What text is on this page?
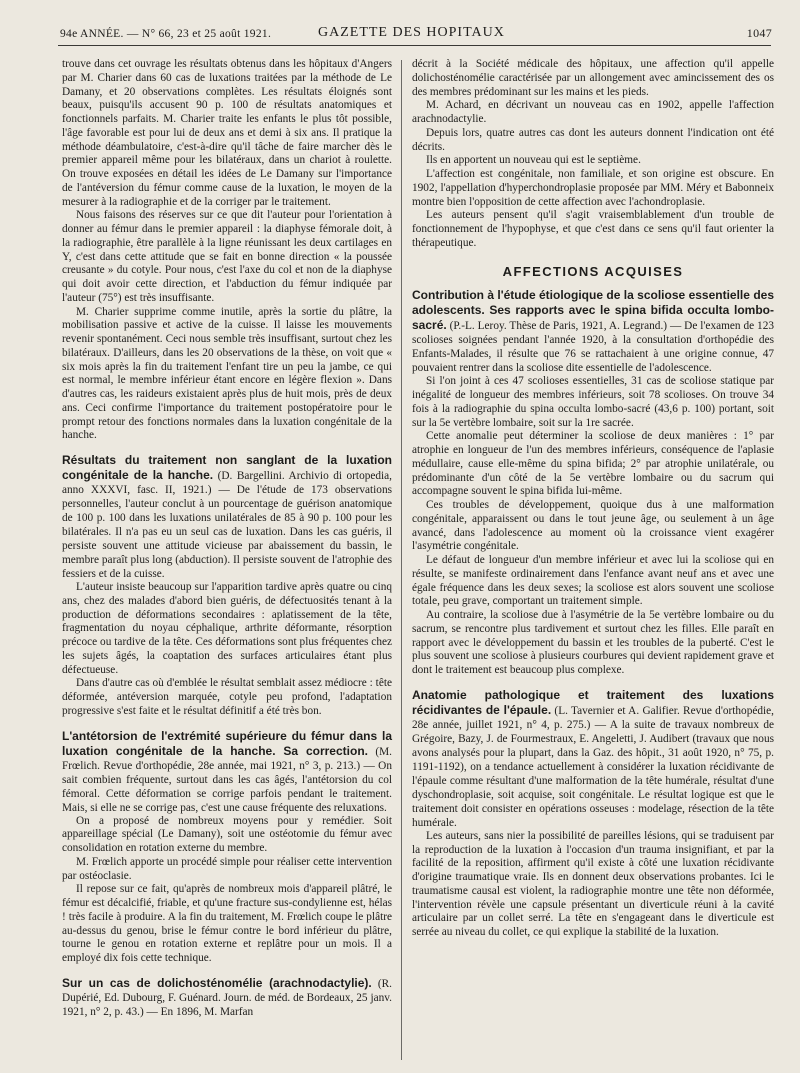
94e ANNÉE. — N° 66, 23 et 25 août 1921.	GAZETTE DES HOPITAUX	1047

trouve dans cet ouvrage les résultats obtenus dans les hôpitaux d'Angers par M. Charier dans 60 cas de luxations traitées par la méthode de Le Damany, et 20 observations complètes. Les résultats éloignés sont beaux, puisqu'ils accusent 90 p. 100 de résultats anatomiques et fonctionnels parfaits. M. Charier traite les enfants le plus tôt possible, l'âge favorable est pour lui de deux ans et demi à six ans. Il pratique la méthode déambulatoire, c'est-à-dire qu'il tâche de faire marcher dès le premier appareil même pour les bilatéraux, dans un chariot à roulette. On trouve exposées en détail les idées de Le Damany sur l'importance de l'antéversion du fémur comme cause de la luxation, le moyen de la mesurer à la radiographie et de la corriger par le traitement.

Nous faisons des réserves sur ce que dit l'auteur pour l'orientation à donner au fémur dans le premier appareil : la diaphyse fémorale doit, à la radiographie, être parallèle à la ligne réunissant les deux cartilages en Y, c'est dans cette attitude que se fait en bonne direction « la poussée creusante » du cotyle. Pour nous, c'est l'axe du col et non de la diaphyse qui doit avoir cette direction, et l'abduction du fémur indiquée par l'auteur (75°) est très insuffisante.

M. Charier supprime comme inutile, après la sortie du plâtre, la mobilisation passive et active de la cuisse. Il laisse les mouvements revenir spontanément. Ceci nous semble très insuffisant, surtout chez les bilatéraux. D'ailleurs, dans les 20 observations de la thèse, on voit que « six mois après la fin du traitement l'enfant tire un peu la jambe, ce qui est normal, le membre inférieur étant encore en légère flexion ». Dans d'autres cas, les raideurs existaient après plus de huit mois, près de deux ans. Ceci confirme l'importance du traitement postopératoire pour le prompt retour des fonctions normales dans la luxation congénitale de la hanche.

Résultats du traitement non sanglant de la luxation congénitale de la hanche. (D. Bargellini. Archivio di ortopedia, anno XXXVI, fasc. II, 1921.) — De l'étude de 173 observations personnelles, l'auteur conclut à un pourcentage de guérison anatomique de 100 p. 100 dans les luxations unilatérales de 85 à 90 p. 100 pour les bilatérales. Il n'a pas eu un seul cas de luxation. Dans les cas guéris, il persiste souvent une attitude vicieuse par abaissement du bassin, le membre paraît plus long (abduction). Il persiste souvent de l'atrophie des fessiers et de la cuisse.

L'auteur insiste beaucoup sur l'apparition tardive après quatre ou cinq ans, chez des malades d'abord bien guéris, de défectuosités tenant à la production de déformations secondaires : aplatissement de la tête, fragmentation du noyau céphalique, arthrite déformante, résorption précoce ou tardive de la tête. Ces déformations sont plus fréquentes chez les sujets âgés, la coaptation des surfaces articulaires étant plus défectueuse.

Dans d'autre cas où d'emblée le résultat semblait assez médiocre : tête déformée, antéversion marquée, cotyle peu profond, l'adaptation progressive s'est faite et le résultat définitif a été très bon.

L'antétorsion de l'extrémité supérieure du fémur dans la luxation congénitale de la hanche. Sa correction. (M. Frœlich. Revue d'orthopédie, 28e année, mai 1921, n° 3, p. 213.) — On sait combien fréquente, surtout dans les cas âgés, l'antétorsion du col fémoral. Cette déformation se corrige parfois pendant le traitement. Mais, si elle ne se corrige pas, c'est une cause fréquente des reluxations.

On a proposé de nombreux moyens pour y remédier. Soit appareillage spécial (Le Damany), soit une ostéotomie du fémur avec consolidation en rotation externe du membre.

M. Frœlich apporte un procédé simple pour réaliser cette intervention par ostéoclasie.

Il repose sur ce fait, qu'après de nombreux mois d'appareil plâtré, le fémur est décalcifié, friable, et qu'une fracture sus-condylienne est, hélas ! très facile à produire. A la fin du traitement, M. Frœlich coupe le plâtre au-dessus du genou, brise le fémur contre le bord inférieur du plâtre, tourne le genou en rotation externe et replâtre pour un mois. Il a employé dix fois cette technique.

Sur un cas de dolichosténomélie (arachnodactylie). (R. Dupérié, Ed. Dubourg, F. Guénard. Journ. de méd. de Bordeaux, 25 janv. 1921, n° 2, p. 43.) — En 1896, M. Marfan

décrit à la Société médicale des hôpitaux, une affection qu'il appelle dolichosténomélie caractérisée par un allongement avec amincissement des os des membres prédominant sur les mains et les pieds.

M. Achard, en décrivant un nouveau cas en 1902, appelle l'affection arachnodactylie.

Depuis lors, quatre autres cas dont les auteurs donnent l'indication ont été décrits.

Ils en apportent un nouveau qui est le septième.

L'affection est congénitale, non familiale, et son origine est obscure. En 1902, l'appellation d'hyperchondroplasie proposée par MM. Méry et Babonneix montre bien l'opposition de cette affection avec l'achondroplasie.

Les auteurs pensent qu'il s'agit vraisemblablement d'un trouble de fonctionnement de l'hypophyse, et que c'est dans ce sens qu'il faut orienter la thérapeutique.

AFFECTIONS ACQUISES

Contribution à l'étude étiologique de la scoliose essentielle des adolescents. Ses rapports avec le spina bifida occulta lombo-sacré. (P.-L. Leroy. Thèse de Paris, 1921, A. Legrand.) — De l'examen de 123 scolioses soignées pendant l'année 1920, à la consultation d'orthopédie des Enfants-Malades, il résulte que 76 se rattachaient à une origine connue, 47 pouvaient rentrer dans la scoliose dite essentielle de l'adolescence.

Si l'on joint à ces 47 scolioses essentielles, 31 cas de scoliose statique par inégalité de longueur des membres inférieurs, soit 78 scolioses. On trouve 34 fois à la radiographie du spina occulta lombo-sacré (43,6 p. 100) portant, soit sur la 5e vertèbre lombaire, soit sur la 1re sacrée.

Cette anomalie peut déterminer la scoliose de deux manières : 1° par atrophie en longueur de l'un des membres inférieurs, conséquence de l'aplasie médullaire, cause elle-même du spina bifida; 2° par atrophie unilatérale, ou prédominante d'un côté de la 5e vertèbre lombaire ou du sacrum qui accompagne souvent le spina bifida lui-même.

Ces troubles de développement, quoique dus à une malformation congénitale, apparaissent ou dans le tout jeune âge, ou seulement à un âge avancé, dans l'adolescence au moment où la croissance vient exagérer l'asymétrie congénitale.

Le défaut de longueur d'un membre inférieur et avec lui la scoliose qui en résulte, se manifeste ordinairement dans l'enfance avant neuf ans et avec une égale fréquence dans les deux sexes; la scoliose est alors souvent une scoliose totale, peu grave, comportant un traitement simple.

Au contraire, la scoliose due à l'asymétrie de la 5e vertèbre lombaire ou du sacrum, se rencontre plus tardivement et surtout chez les filles. Elle paraît en rapport avec le développement du bassin et les troubles de la puberté. C'est le plus souvent une scoliose à plusieurs courbures qui devient rapidement grave et dont le traitement est beaucoup plus complexe.

Anatomie pathologique et traitement des luxations récidivantes de l'épaule. (L. Tavernier et A. Galifier. Revue d'orthopédie, 28e année, juillet 1921, n° 4, p. 275.) — A la suite de travaux nombreux de Grégoire, Bazy, J. de Fourmestraux, E. Angeletti, J. Audibert (travaux que nous avons analysés pour la plupart, dans la Gaz. des hôpit., 31 août 1920, n° 75, p. 1191-1192), on a tendance actuellement à considérer la luxation récidivante de l'épaule comme résultant d'une malformation de la tête humérale, résultat d'une dyschondroplasie, soit acquise, soit congénitale. Le résultat logique est que le traitement doit consister en opérations osseuses : modelage, résection de la tête humérale.

Les auteurs, sans nier la possibilité de pareilles lésions, qui se traduisent par la reproduction de la luxation à l'occasion d'un trauma insignifiant, et par la facilité de la reposition, affirment qu'il existe à côté une luxation récidivante d'origine traumatique vraie. Ils en donnent deux observations probantes. Ici le traumatisme causal est violent, la radiographie montre une tête non déformée, l'intervention révèle une capsule présentant un diverticule réuni à la cavité articulaire par un collet serré. La tête en s'engageant dans le diverticule est serrée au niveau du collet, ce qui explique la stabilité de la luxation.
